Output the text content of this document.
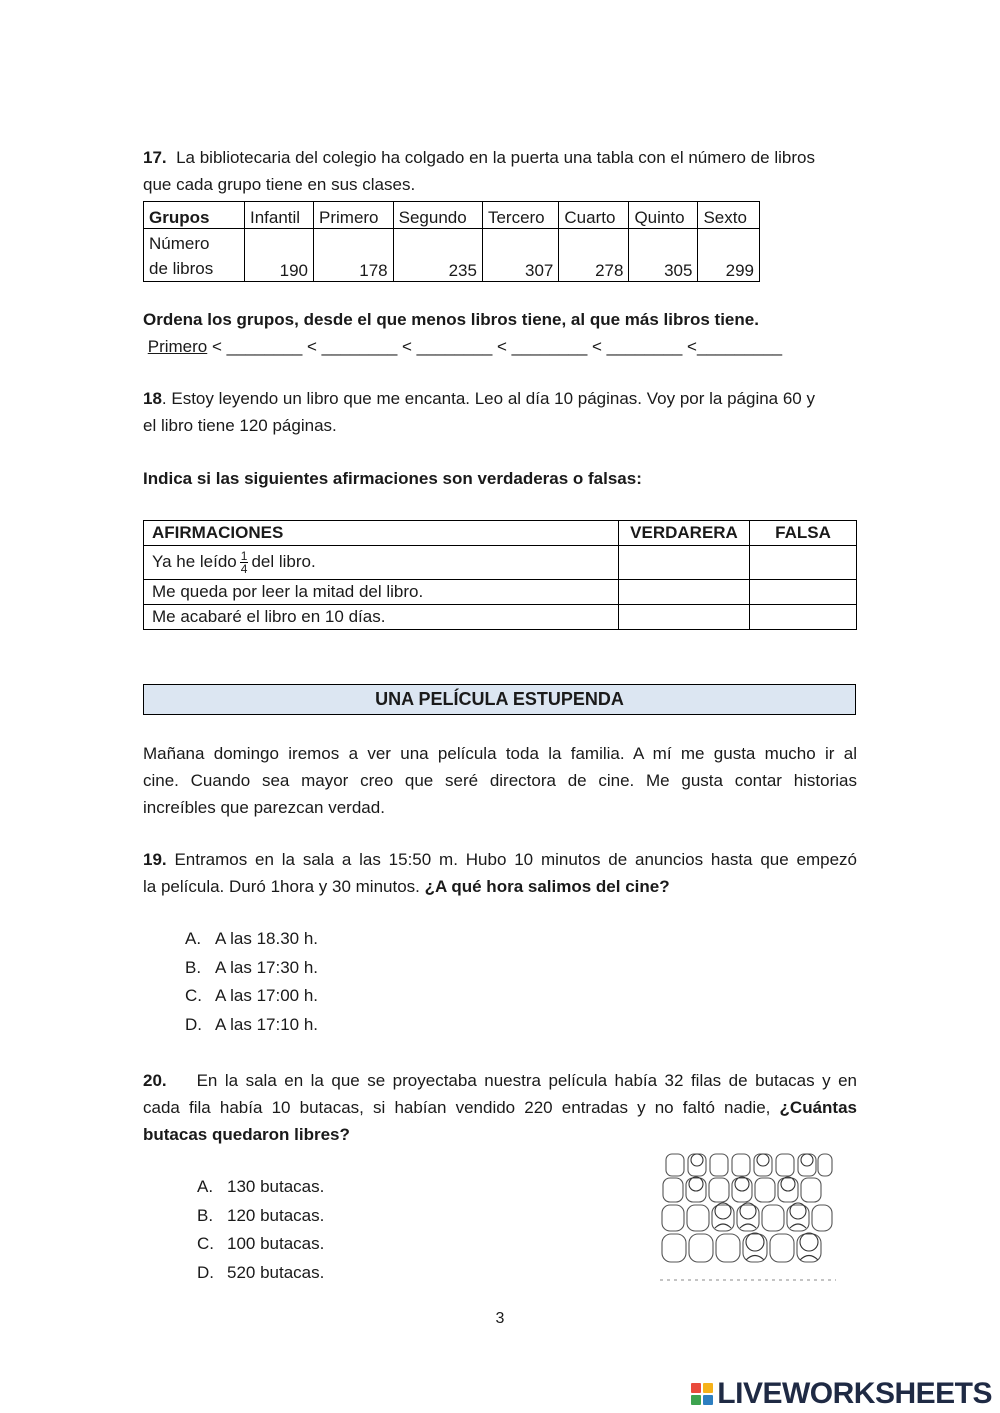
17. La bibliotecaria del colegio ha colgado en la puerta una tabla con el número de libros

que cada grupo tiene en sus clases.

Grupos	Infantil	Primero	Segundo	Tercero	Cuarto	Quinto	Sexto
Número
de libros	190	178	235	307	278	305	299

Ordena los grupos, desde el que menos libros tiene, al que más libros tiene.

Primero < ________ < ________ < ________ < ________ < ________ <_________

18. Estoy leyendo un libro que me encanta. Leo al día 10 páginas. Voy por la página 60 y

el libro tiene 120 páginas.

Indica si las siguientes afirmaciones son verdaderas o falsas:

AFIRMACIONES	VERDARERA	FALSA
Ya he leído $\frac{1}{4}$ del libro.		
Me queda por leer la mitad del libro.		
Me acabaré el libro en 10 días.		
UNA PELÍCULA ESTUPENDA

Mañana domingo iremos a ver una película toda la familia. A mí me gusta mucho ir al

cine. Cuando sea mayor creo que seré directora de cine. Me gusta contar historias

increíbles que parezcan verdad.

19. Entramos en la sala a las 15:50 m. Hubo 10 minutos de anuncios hasta que empezó

la película. Duró 1hora y 30 minutos. ¿A qué hora salimos del cine?

A. A las 18.30 h.
B. A las 17:30 h.
C. A las 17:00 h.
D. A las 17:10 h.

20. En la sala en la que se proyectaba nuestra película había 32 filas de butacas y en

cada fila había 10 butacas, si habían vendido 220 entradas y no faltó nadie, ¿Cuántas

butacas quedaron libres?

A. 130 butacas.
B. 120 butacas.
C. 100 butacas.
D. 520 butacas.
3
LIVEWORKSHEETS
